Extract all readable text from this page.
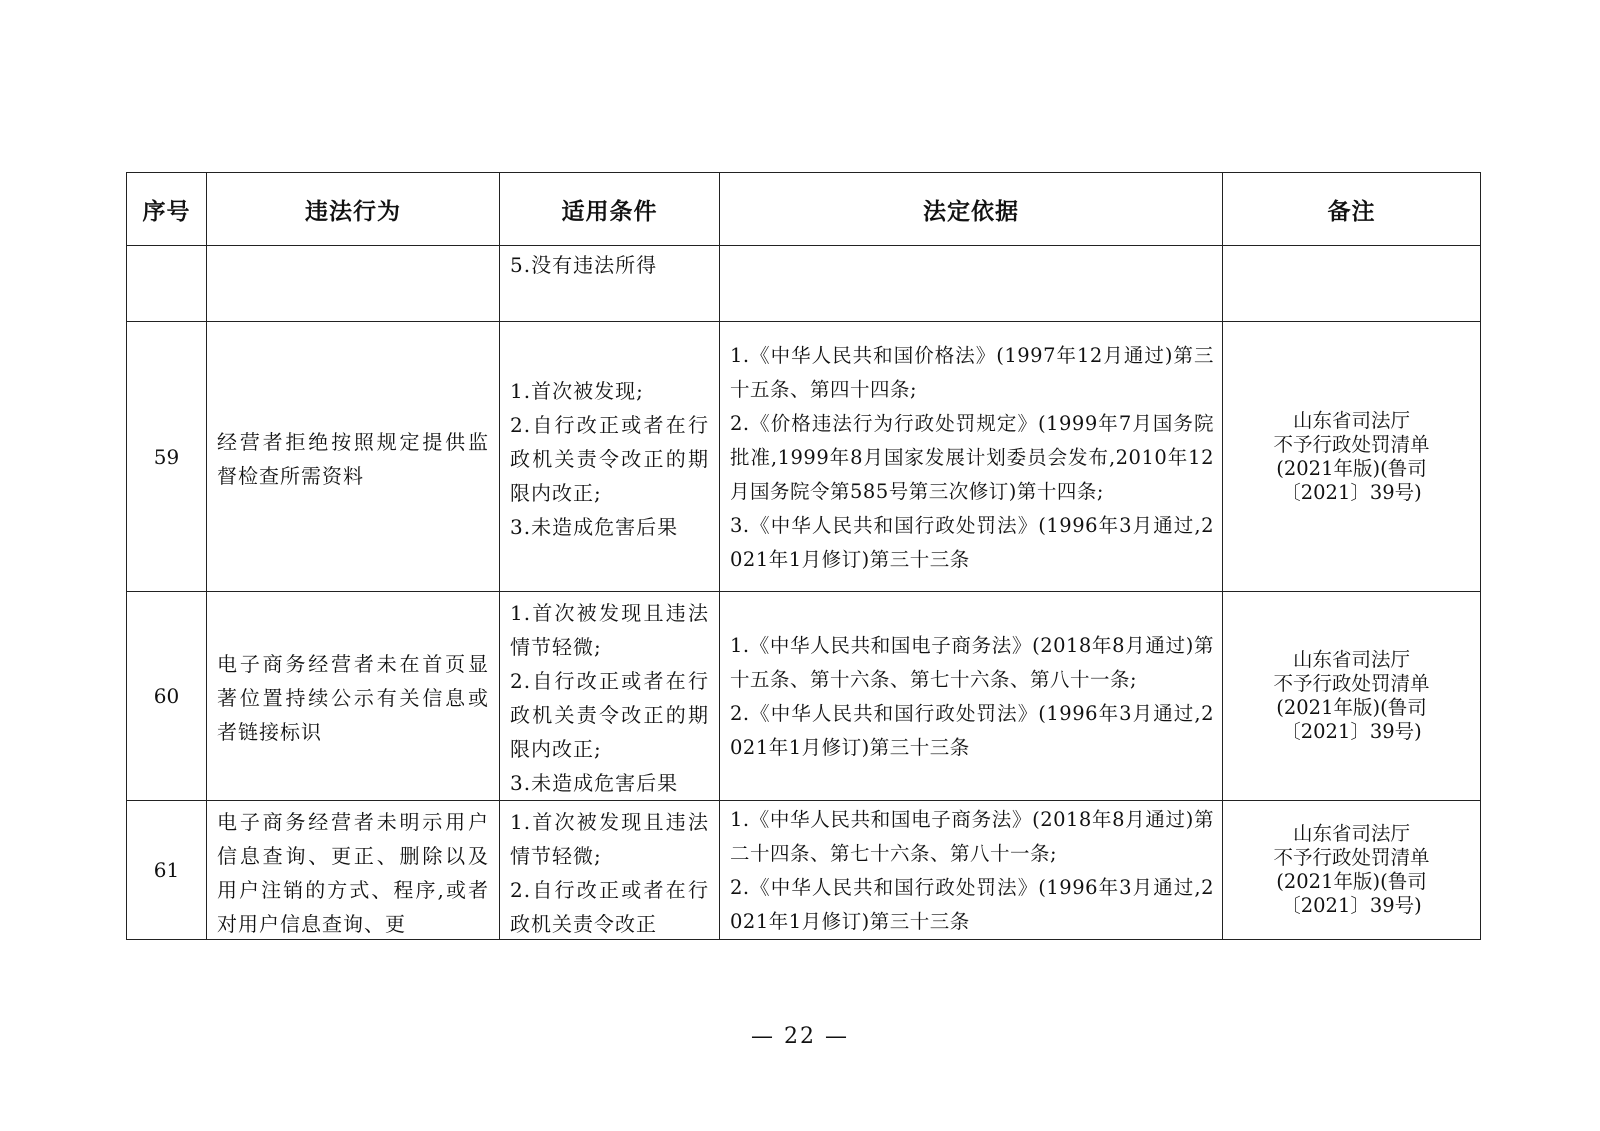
序号	违法行为	适用条件	法定依据	备注

		5.没有违法所得		

59	经营者拒绝按照规定提供监督检查所需资料	1.首次被发现;
2.自行改正或者在行政机关责令改正的期限内改正;
3.未造成危害后果	1.《中华人民共和国价格法》(1997年12月通过)第三十五条、第四十四条;
2.《价格违法行为行政处罚规定》(1999年7月国务院批准,1999年8月国家发展计划委员会发布,2010年12月国务院令第585号第三次修订)第十四条;
3.《中华人民共和国行政处罚法》(1996年3月通过,2021年1月修订)第三十三条	山东省司法厅
不予行政处罚清单
(2021年版)(鲁司
〔2021〕39号)

60	电子商务经营者未在首页显著位置持续公示有关信息或者链接标识	1.首次被发现且违法情节轻微;
2.自行改正或者在行政机关责令改正的期限内改正;
3.未造成危害后果	1.《中华人民共和国电子商务法》(2018年8月通过)第十五条、第十六条、第七十六条、第八十一条;
2.《中华人民共和国行政处罚法》(1996年3月通过,2021年1月修订)第三十三条	山东省司法厅
不予行政处罚清单
(2021年版)(鲁司
〔2021〕39号)

61	电子商务经营者未明示用户信息查询、更正、删除以及用户注销的方式、程序,或者对用户信息查询、更	1.首次被发现且违法情节轻微;
2.自行改正或者在行政机关责令改正	1.《中华人民共和国电子商务法》(2018年8月通过)第二十四条、第七十六条、第八十一条;
2.《中华人民共和国行政处罚法》(1996年3月通过,2021年1月修订)第三十三条	山东省司法厅
不予行政处罚清单
(2021年版)(鲁司
〔2021〕39号)
— 22 —
